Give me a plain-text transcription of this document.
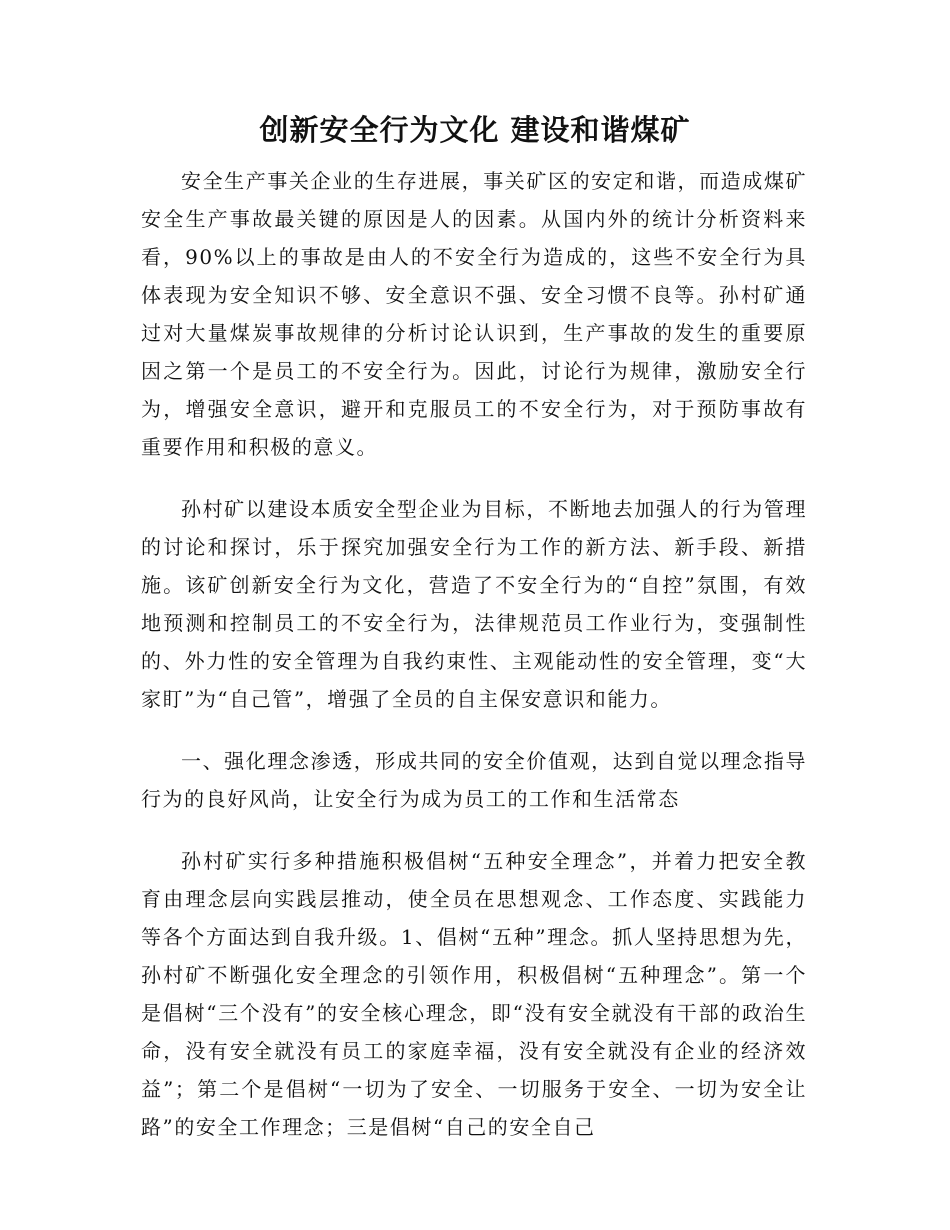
创新安全行为文化 建设和谐煤矿

安全生产事关企业的生存进展，事关矿区的安定和谐，而造成煤矿安全生产事故最关键的原因是人的因素。从国内外的统计分析资料来看，90%以上的事故是由人的不安全行为造成的，这些不安全行为具体表现为安全知识不够、安全意识不强、安全习惯不良等。孙村矿通过对大量煤炭事故规律的分析讨论认识到，生产事故的发生的重要原因之第一个是员工的不安全行为。因此，讨论行为规律，激励安全行为，增强安全意识，避开和克服员工的不安全行为，对于预防事故有重要作用和积极的意义。

孙村矿以建设本质安全型企业为目标，不断地去加强人的行为管理的讨论和探讨，乐于探究加强安全行为工作的新方法、新手段、新措施。该矿创新安全行为文化，营造了不安全行为的“自控”氛围，有效地预测和控制员工的不安全行为，法律规范员工作业行为，变强制性的、外力性的安全管理为自我约束性、主观能动性的安全管理，变“大家盯”为“自己管”，增强了全员的自主保安意识和能力。

一、强化理念渗透，形成共同的安全价值观，达到自觉以理念指导行为的良好风尚，让安全行为成为员工的工作和生活常态

孙村矿实行多种措施积极倡树“五种安全理念”，并着力把安全教育由理念层向实践层推动，使全员在思想观念、工作态度、实践能力等各个方面达到自我升级。1、倡树“五种”理念。抓人坚持思想为先，孙村矿不断强化安全理念的引领作用，积极倡树“五种理念”。第一个是倡树“三个没有”的安全核心理念，即“没有安全就没有干部的政治生命，没有安全就没有员工的家庭幸福，没有安全就没有企业的经济效益”；第二个是倡树“一切为了安全、一切服务于安全、一切为安全让路”的安全工作理念；三是倡树“自己的安全自己
